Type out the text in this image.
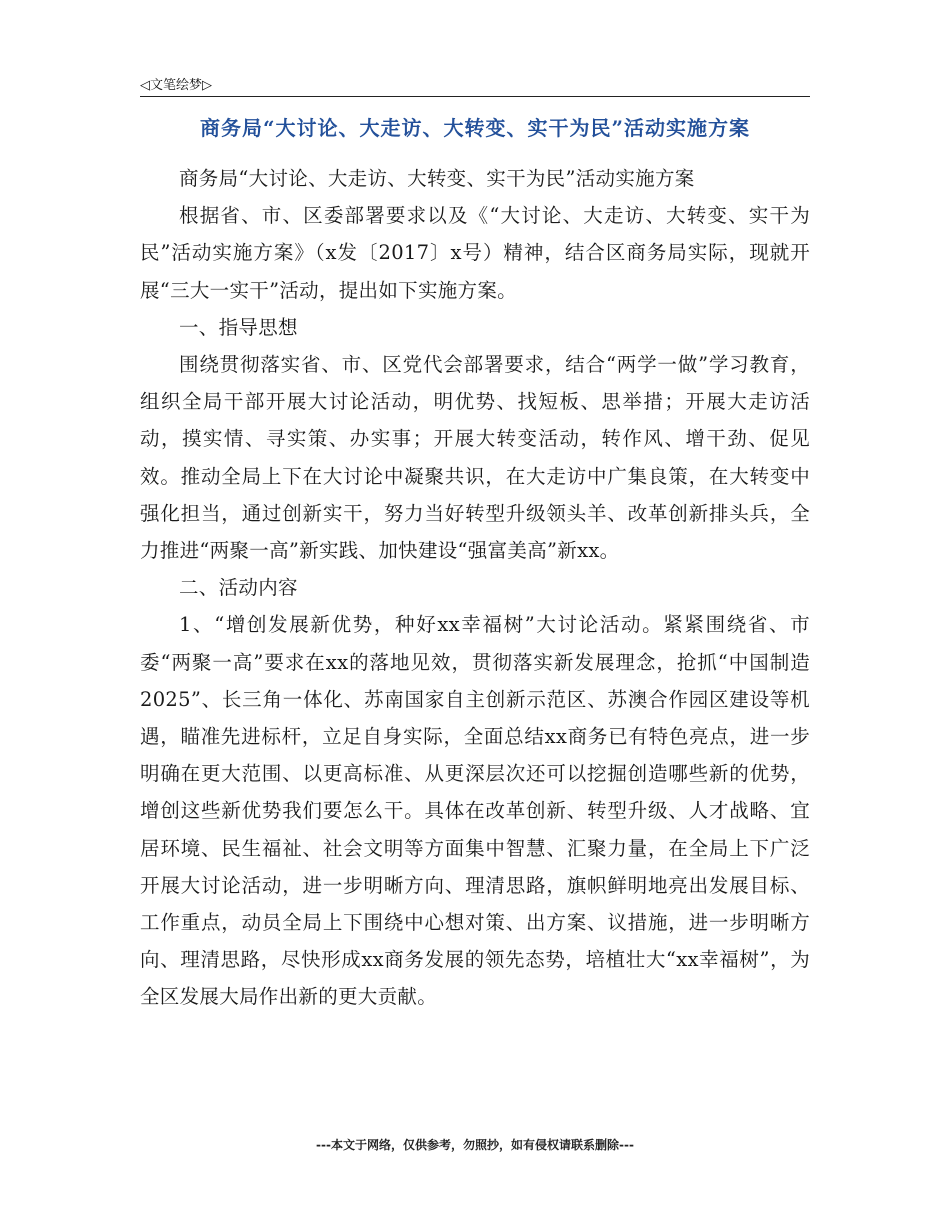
◁文笔绘梦▷
商务局“大讨论、大走访、大转变、实干为民”活动实施方案

商务局“大讨论、大走访、大转变、实干为民”活动实施方案

根据省、市、区委部署要求以及《“大讨论、大走访、大转变、实干为民”活动实施方案》（x发〔2017〕x号）精神，结合区商务局实际，现就开展“三大一实干”活动，提出如下实施方案。

一、指导思想

围绕贯彻落实省、市、区党代会部署要求，结合“两学一做”学习教育，组织全局干部开展大讨论活动，明优势、找短板、思举措；开展大走访活动，摸实情、寻实策、办实事；开展大转变活动，转作风、增干劲、促见效。推动全局上下在大讨论中凝聚共识，在大走访中广集良策，在大转变中强化担当，通过创新实干，努力当好转型升级领头羊、改革创新排头兵，全力推进“两聚一高”新实践、加快建设“强富美高”新xx。

二、活动内容

1、“增创发展新优势，种好xx幸福树”大讨论活动。紧紧围绕省、市委“两聚一高”要求在xx的落地见效，贯彻落实新发展理念，抢抓“中国制造2025”、长三角一体化、苏南国家自主创新示范区、苏澳合作园区建设等机遇，瞄准先进标杆，立足自身实际，全面总结xx商务已有特色亮点，进一步明确在更大范围、以更高标准、从更深层次还可以挖掘创造哪些新的优势，增创这些新优势我们要怎么干。具体在改革创新、转型升级、人才战略、宜居环境、民生福祉、社会文明等方面集中智慧、汇聚力量，在全局上下广泛开展大讨论活动，进一步明晰方向、理清思路，旗帜鲜明地亮出发展目标、工作重点，动员全局上下围绕中心想对策、出方案、议措施，进一步明晰方向、理清思路，尽快形成xx商务发展的领先态势，培植壮大“xx幸福树”，为全区发展大局作出新的更大贡献。

---本文于网络，仅供参考，勿照抄，如有侵权请联系删除---
